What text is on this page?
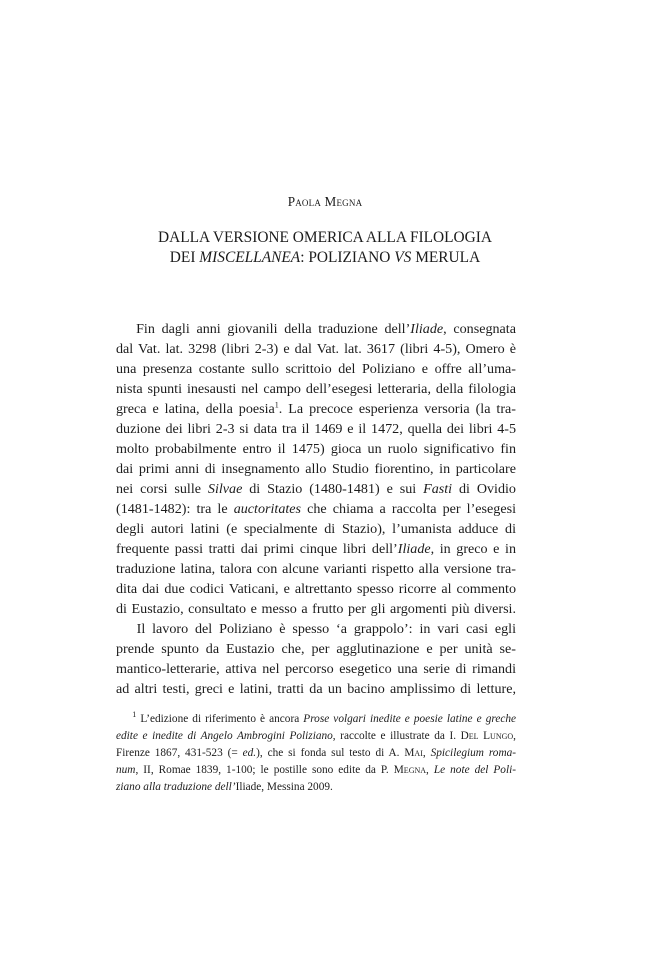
Paola Megna
DALLA VERSIONE OMERICA ALLA FILOLOGIA
DEI MISCELLANEA: POLIZIANO VS MERULA
Fin dagli anni giovanili della traduzione dell’Iliade, consegnata
dal Vat. lat. 3298 (libri 2-3) e dal Vat. lat. 3617 (libri 4-5), Omero è
una presenza costante sullo scrittoio del Poliziano e offre all’uma-
nista spunti inesausti nel campo dell’esegesi letteraria, della filologia
greca e latina, della poesia$^1$. La precoce esperienza versoria (la tra-
duzione dei libri 2-3 si data tra il 1469 e il 1472, quella dei libri 4-5
molto probabilmente entro il 1475) gioca un ruolo significativo fin
dai primi anni di insegnamento allo Studio fiorentino, in particolare
nei corsi sulle Silvae di Stazio (1480-1481) e sui Fasti di Ovidio
(1481-1482): tra le auctoritates che chiama a raccolta per l’esegesi
degli autori latini (e specialmente di Stazio), l’umanista adduce di
frequente passi tratti dai primi cinque libri dell’Iliade, in greco e in
traduzione latina, talora con alcune varianti rispetto alla versione tra-
dita dai due codici Vaticani, e altrettanto spesso ricorre al commento
di Eustazio, consultato e messo a frutto per gli argomenti più diversi.
Il lavoro del Poliziano è spesso ‘a grappolo’: in vari casi egli
prende spunto da Eustazio che, per agglutinazione e per unità se-
mantico-letterarie, attiva nel percorso esegetico una serie di rimandi
ad altri testi, greci e latini, tratti da un bacino amplissimo di letture,
$^1$ L’edizione di riferimento è ancora Prose volgari inedite e poesie latine e greche
edite e inedite di Angelo Ambrogini Poliziano, raccolte e illustrate da I. Del Lungo,
Firenze 1867, 431-523 (= ed.), che si fonda sul testo di A. Mai, Spicilegium roma-
num, II, Romae 1839, 1-100; le postille sono edite da P. Megna, Le note del Poli-
ziano alla traduzione dell’Iliade, Messina 2009.
